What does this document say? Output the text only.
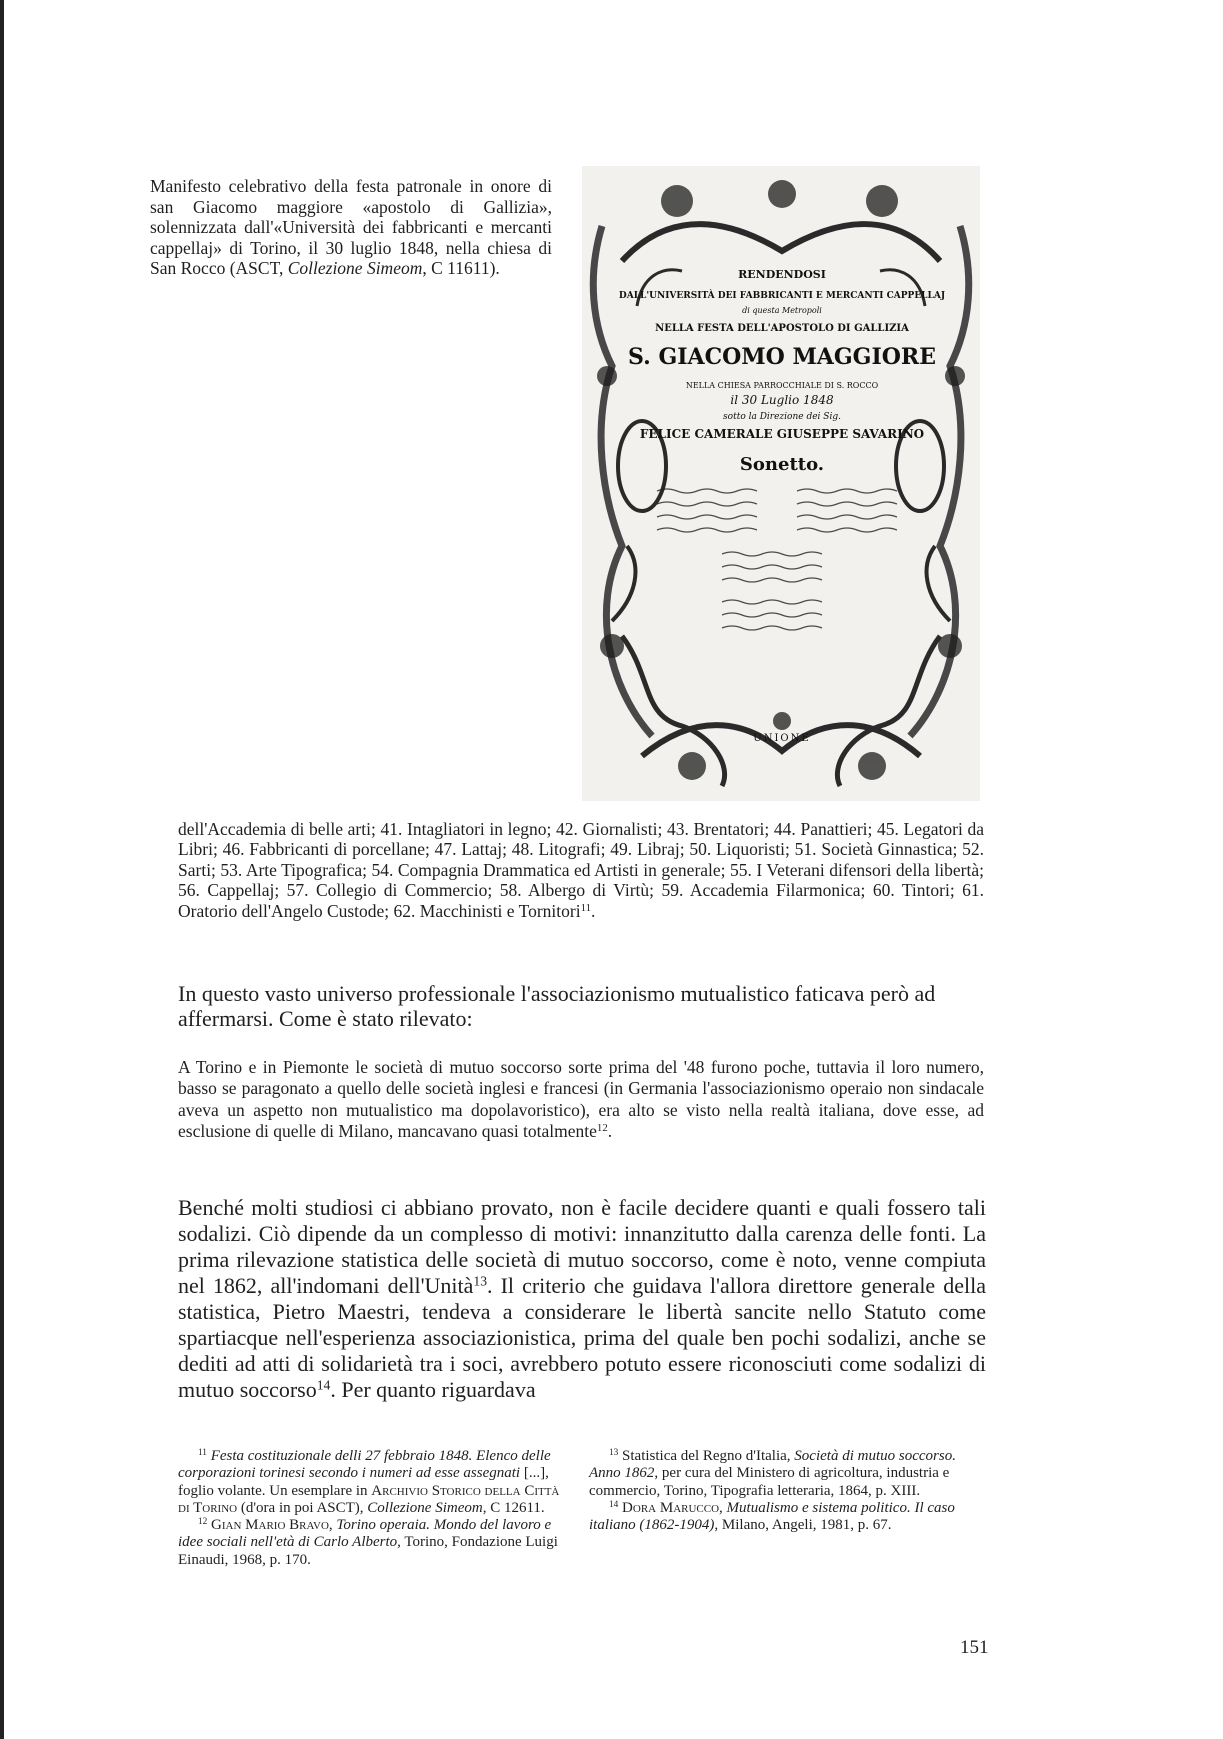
Manifesto celebrativo della festa patronale in onore di san Giacomo maggiore «apostolo di Gallizia», solennizzata dall'«Università dei fabbricanti e mercanti cappellaj» di Torino, il 30 luglio 1848, nella chiesa di San Rocco (ASCT, Collezione Simeom, C 11611).	RENDENDOSI
DALL'UNIVERSITÀ DEI FABBRICANTI E MERCANTI CAPPELLAJ
di questa Metropoli
NELLA FESTA DELL'APOSTOLO DI GALLIZIA
S. GIACOMO MAGGIORE
NELLA CHIESA PARROCCHIALE DI S. ROCCO
il 30 Luglio 1848
sotto la Direzione dei Sig.
FELICE CAMERALE GIUSEPPE SAVARINO
Sonetto.
UNIONE
dell'Accademia di belle arti; 41. Intagliatori in legno; 42. Giornalisti; 43. Brentatori; 44. Panattieri; 45. Legatori da Libri; 46. Fabbricanti di porcellane; 47. Lattaj; 48. Litografi; 49. Libraj; 50. Liquoristi; 51. Società Ginnastica; 52. Sarti; 53. Arte Tipografica; 54. Compagnia Drammatica ed Artisti in generale; 55. I Veterani difensori della libertà; 56. Cappellaj; 57. Collegio di Commercio; 58. Albergo di Virtù; 59. Accademia Filarmonica; 60. Tintori; 61. Oratorio dell'Angelo Custode; 62. Macchinisti e Tornitori$^{11}$.

In questo vasto universo professionale l'associazionismo mutualistico faticava però ad affermarsi. Come è stato rilevato:

A Torino e in Piemonte le società di mutuo soccorso sorte prima del '48 furono poche, tuttavia il loro numero, basso se paragonato a quello delle società inglesi e francesi (in Germania l'associazionismo operaio non sindacale aveva un aspetto non mutualistico ma dopolavoristico), era alto se visto nella realtà italiana, dove esse, ad esclusione di quelle di Milano, mancavano quasi totalmente$^{12}$.

Benché molti studiosi ci abbiano provato, non è facile decidere quanti e quali fossero tali sodalizi. Ciò dipende da un complesso di motivi: innanzitutto dalla carenza delle fonti. La prima rilevazione statistica delle società di mutuo soccorso, come è noto, venne compiuta nel 1862, all'indomani dell'Unità$^{13}$. Il criterio che guidava l'allora direttore generale della statistica, Pietro Maestri, tendeva a considerare le libertà sancite nello Statuto come spartiacque nell'esperienza associazionistica, prima del quale ben pochi sodalizi, anche se dediti ad atti di solidarietà tra i soci, avrebbero potuto essere riconosciuti come sodalizi di mutuo soccorso$^{14}$. Per quanto riguardava

$^{11}$ Festa costituzionale delli 27 febbraio 1848. Elenco delle corporazioni torinesi secondo i numeri ad esse assegnati [...], foglio volante. Un esemplare in Archivio Storico della Città di Torino (d'ora in poi ASCT), Collezione Simeom, C 12611.

$^{12}$ Gian Mario Bravo, Torino operaia. Mondo del lavoro e idee sociali nell'età di Carlo Alberto, Torino, Fondazione Luigi Einaudi, 1968, p. 170.

$^{13}$ Statistica del Regno d'Italia, Società di mutuo soccorso. Anno 1862, per cura del Ministero di agricoltura, industria e commercio, Torino, Tipografia letteraria, 1864, p. XIII.

$^{14}$ Dora Marucco, Mutualismo e sistema politico. Il caso italiano (1862-1904), Milano, Angeli, 1981, p. 67.

151
